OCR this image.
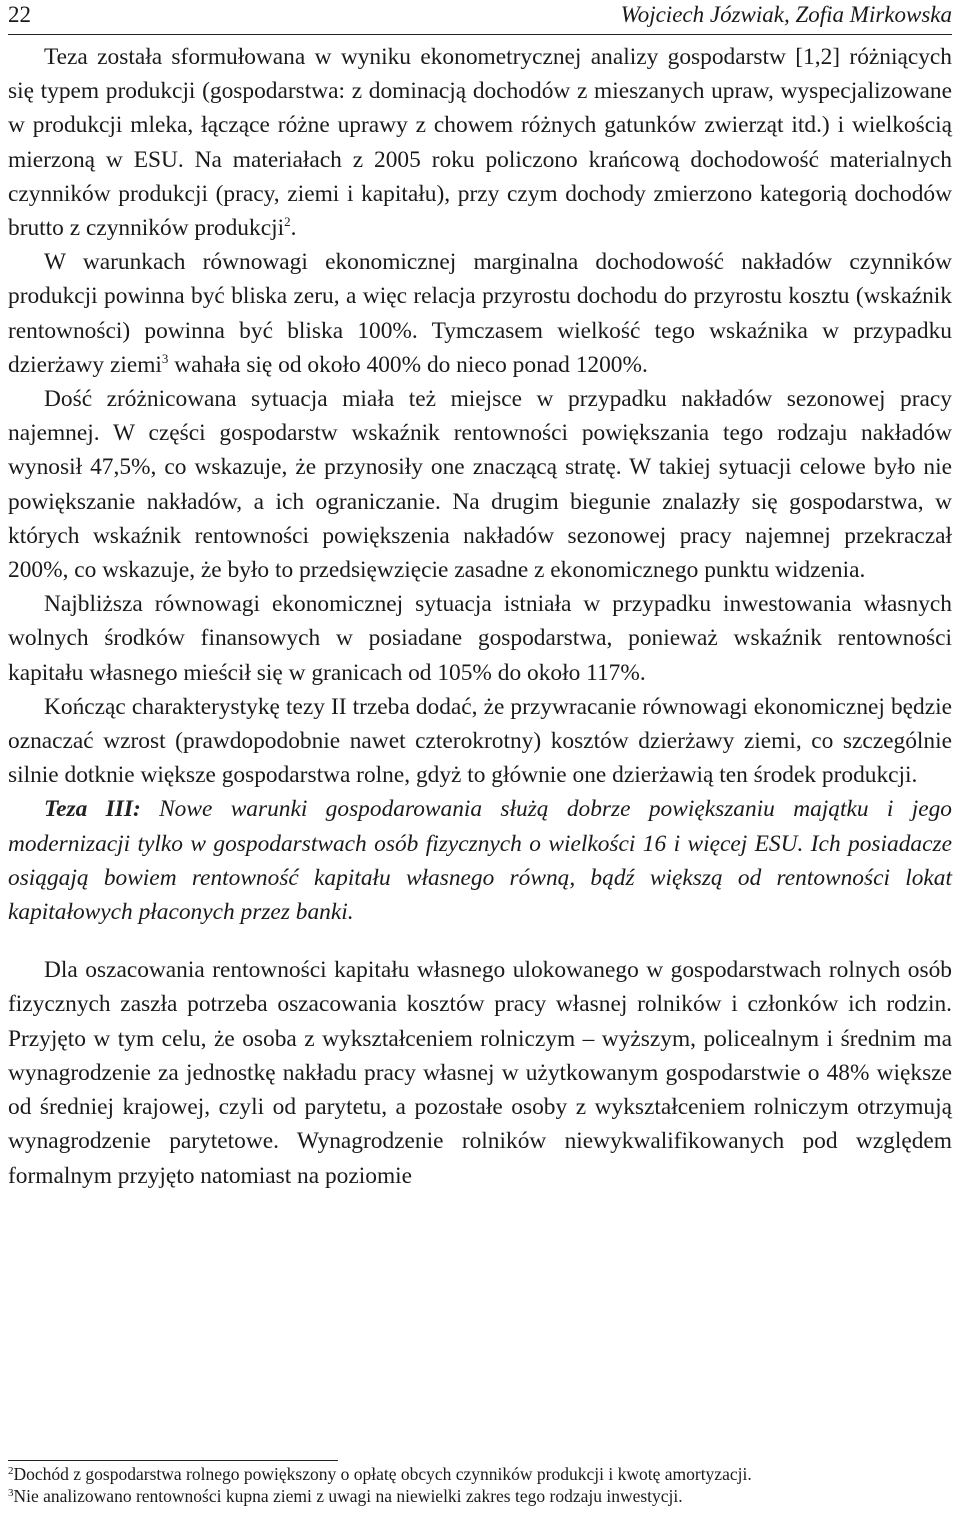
22	Wojciech Józwiak, Zofia Mirkowska

Teza została sformułowana w wyniku ekonometrycznej analizy gospodarstw [1,2] różniących się typem produkcji (gospodarstwa: z dominacją dochodów z mieszanych upraw, wyspecjalizowane w produkcji mleka, łączące różne uprawy z chowem różnych gatunków zwierząt itd.) i wielkością mierzoną w ESU. Na materiałach z 2005 roku policzono krańcową dochodowość materialnych czynników produkcji (pracy, ziemi i kapitału), przy czym dochody zmierzono kategorią dochodów brutto z czynników produkcji$^2$.

W warunkach równowagi ekonomicznej marginalna dochodowość nakładów czynników produkcji powinna być bliska zeru, a więc relacja przyrostu dochodu do przyrostu kosztu (wskaźnik rentowności) powinna być bliska 100%. Tymczasem wielkość tego wskaźnika w przypadku dzierżawy ziemi$^3$ wahała się od około 400% do nieco ponad 1200%.

Dość zróżnicowana sytuacja miała też miejsce w przypadku nakładów sezonowej pracy najemnej. W części gospodarstw wskaźnik rentowności powiększania tego rodzaju nakładów wynosił 47,5%, co wskazuje, że przynosiły one znaczącą stratę. W takiej sytuacji celowe było nie powiększanie nakładów, a ich ograniczanie. Na drugim biegunie znalazły się gospodarstwa, w których wskaźnik rentowności powiększenia nakładów sezonowej pracy najemnej przekraczał 200%, co wskazuje, że było to przedsięwzięcie zasadne z ekonomicznego punktu widzenia.

Najbliższa równowagi ekonomicznej sytuacja istniała w przypadku inwestowania własnych wolnych środków finansowych w posiadane gospodarstwa, ponieważ wskaźnik rentowności kapitału własnego mieścił się w granicach od 105% do około 117%.

Kończąc charakterystykę tezy II trzeba dodać, że przywracanie równowagi ekonomicznej będzie oznaczać wzrost (prawdopodobnie nawet czterokrotny) kosztów dzierżawy ziemi, co szczególnie silnie dotknie większe gospodarstwa rolne, gdyż to głównie one dzierżawią ten środek produkcji.

Teza III: Nowe warunki gospodarowania służą dobrze powiększaniu majątku i jego modernizacji tylko w gospodarstwach osób fizycznych o wielkości 16 i więcej ESU. Ich posiadacze osiągają bowiem rentowność kapitału własnego równą, bądź większą od rentowności lokat kapitałowych płaconych przez banki.

Dla oszacowania rentowności kapitału własnego ulokowanego w gospodarstwach rolnych osób fizycznych zaszła potrzeba oszacowania kosztów pracy własnej rolników i członków ich rodzin. Przyjęto w tym celu, że osoba z wykształceniem rolniczym – wyższym, policealnym i średnim ma wynagrodzenie za jednostkę nakładu pracy własnej w użytkowanym gospodarstwie o 48% większe od średniej krajowej, czyli od parytetu, a pozostałe osoby z wykształceniem rolniczym otrzymują wynagrodzenie parytetowe. Wynagrodzenie rolników niewykwalifikowanych pod względem formalnym przyjęto natomiast na poziomie

$^2$Dochód z gospodarstwa rolnego powiększony o opłatę obcych czynników produkcji i kwotę amortyzacji.

$^3$Nie analizowano rentowności kupna ziemi z uwagi na niewielki zakres tego rodzaju inwestycji.
